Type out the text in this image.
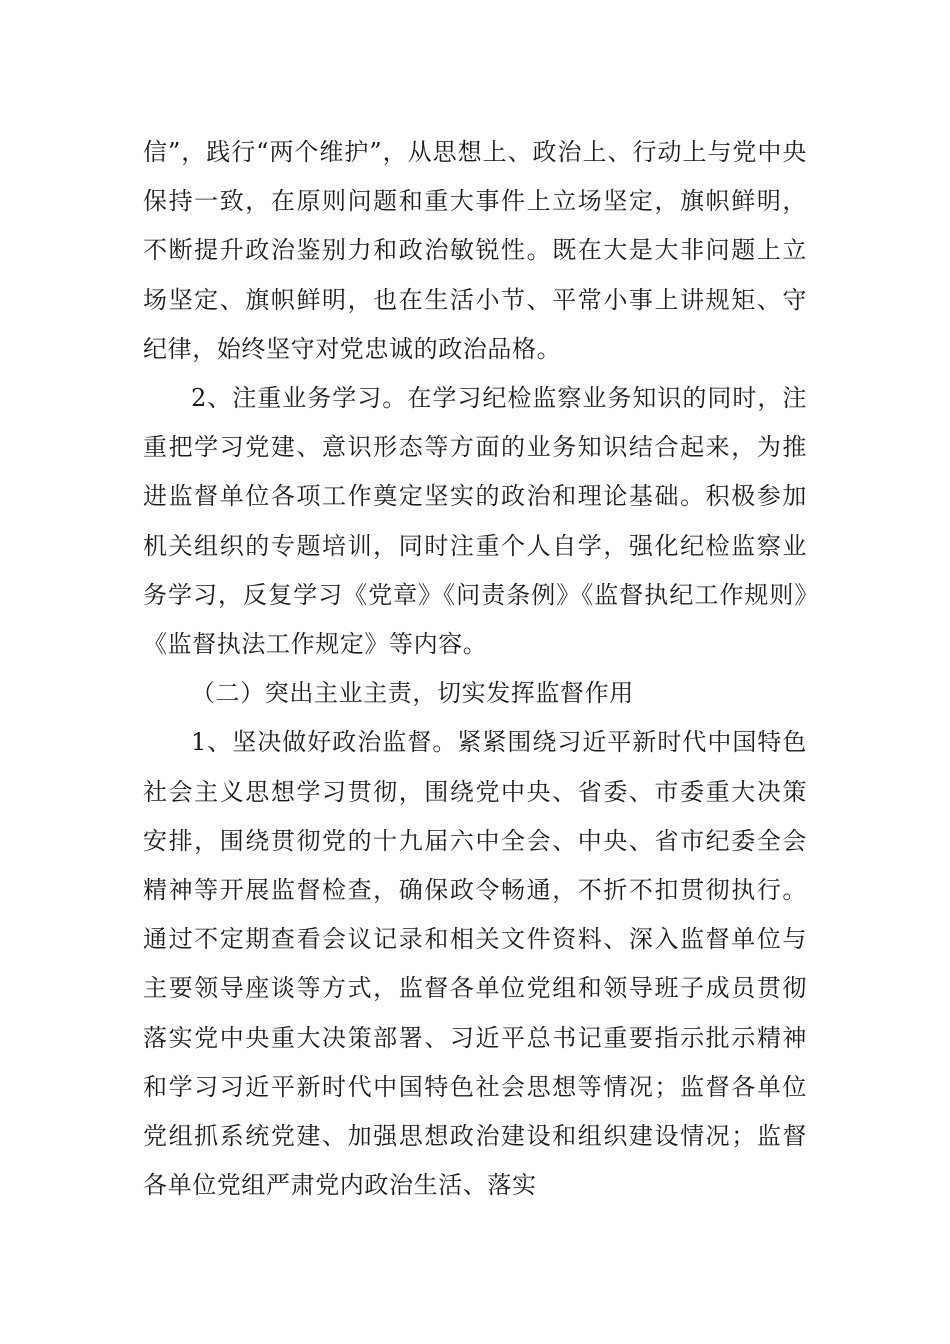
信”，践行“两个维护”，从思想上、政治上、行动上与党中央保持一致，在原则问题和重大事件上立场坚定，旗帜鲜明，不断提升政治鉴别力和政治敏锐性。既在大是大非问题上立场坚定、旗帜鲜明，也在生活小节、平常小事上讲规矩、守纪律，始终坚守对党忠诚的政治品格。

2、注重业务学习。在学习纪检监察业务知识的同时，注重把学习党建、意识形态等方面的业务知识结合起来，为推进监督单位各项工作奠定坚实的政治和理论基础。积极参加机关组织的专题培训，同时注重个人自学，强化纪检监察业务学习，反复学习《党章》《问责条例》《监督执纪工作规则》《监督执法工作规定》等内容。

（二）突出主业主责，切实发挥监督作用

1、坚决做好政治监督。紧紧围绕习近平新时代中国特色社会主义思想学习贯彻，围绕党中央、省委、市委重大决策安排，围绕贯彻党的十九届六中全会、中央、省市纪委全会精神等开展监督检查，确保政令畅通，不折不扣贯彻执行。通过不定期查看会议记录和相关文件资料、深入监督单位与主要领导座谈等方式，监督各单位党组和领导班子成员贯彻落实党中央重大决策部署、习近平总书记重要指示批示精神和学习习近平新时代中国特色社会思想等情况；监督各单位党组抓系统党建、加强思想政治建设和组织建设情况；监督各单位党组严肃党内政治生活、落实
